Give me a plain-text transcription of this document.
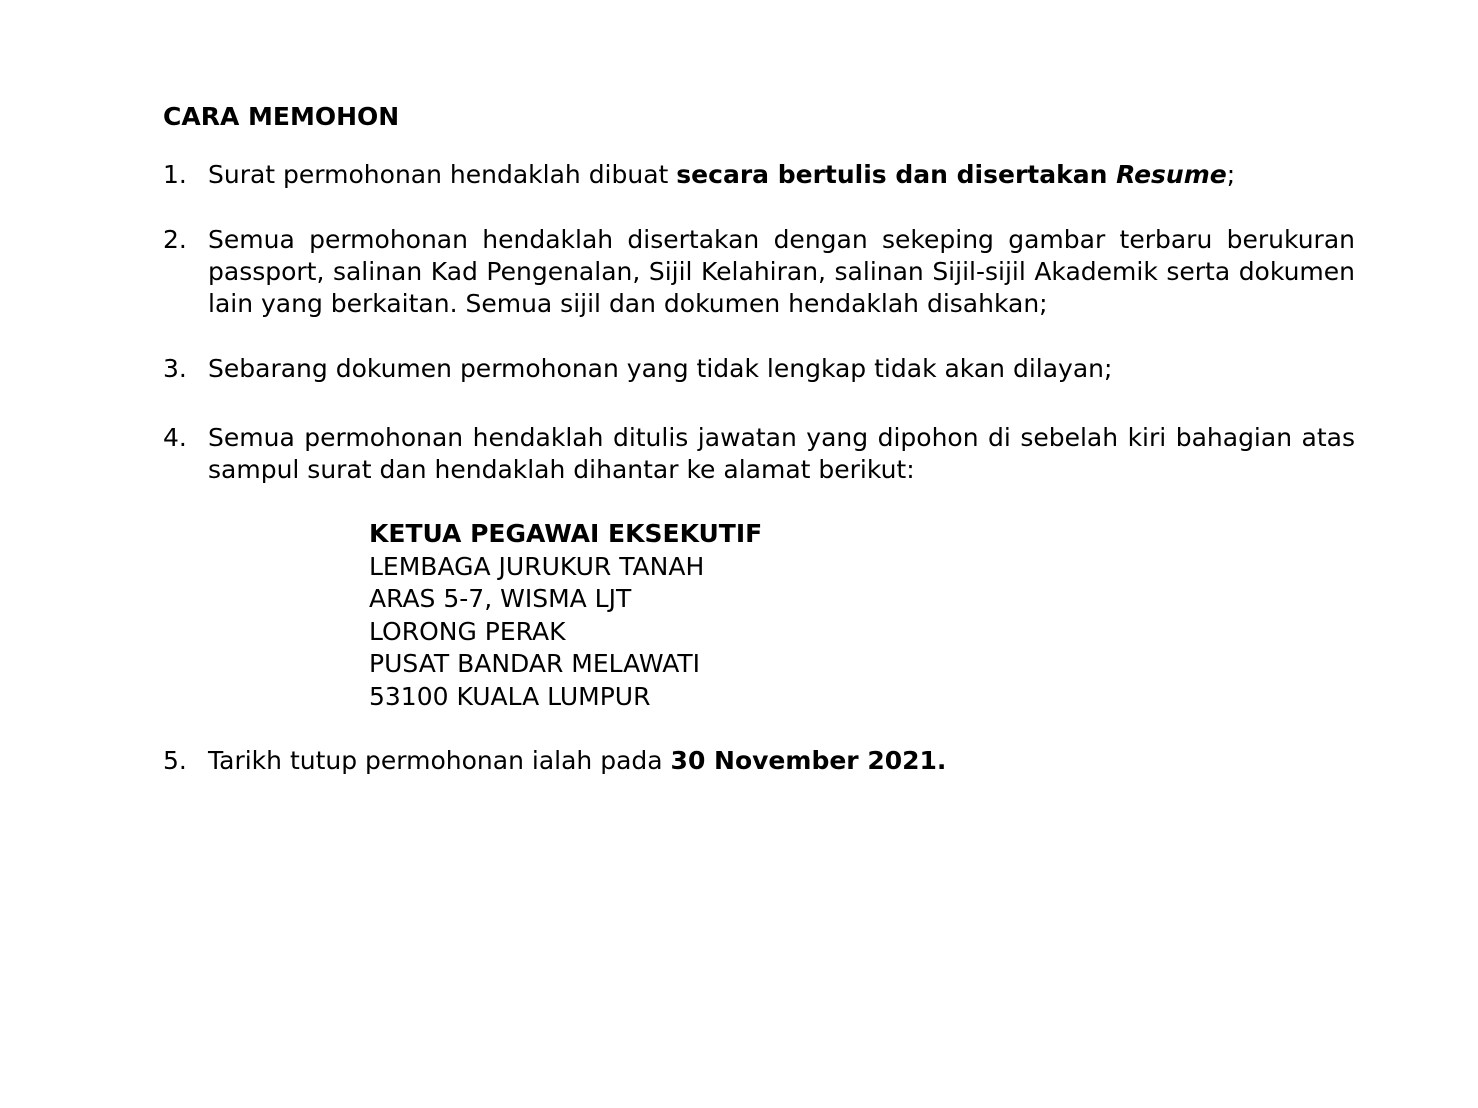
CARA MEMOHON
1. Surat permohonan hendaklah dibuat secara bertulis dan disertakan Resume;
2. Semua permohonan hendaklah disertakan dengan sekeping gambar terbaru berukuran passport, salinan Kad Pengenalan, Sijil Kelahiran, salinan Sijil-sijil Akademik serta dokumen lain yang berkaitan. Semua sijil dan dokumen hendaklah disahkan;
3. Sebarang dokumen permohonan yang tidak lengkap tidak akan dilayan;
4. Semua permohonan hendaklah ditulis jawatan yang dipohon di sebelah kiri bahagian atas sampul surat dan hendaklah dihantar ke alamat berikut:
KETUA PEGAWAI EKSEKUTIF
LEMBAGA JURUKUR TANAH
ARAS 5-7, WISMA LJT
LORONG PERAK
PUSAT BANDAR MELAWATI
53100 KUALA LUMPUR
5. Tarikh tutup permohonan ialah pada 30 November 2021.
